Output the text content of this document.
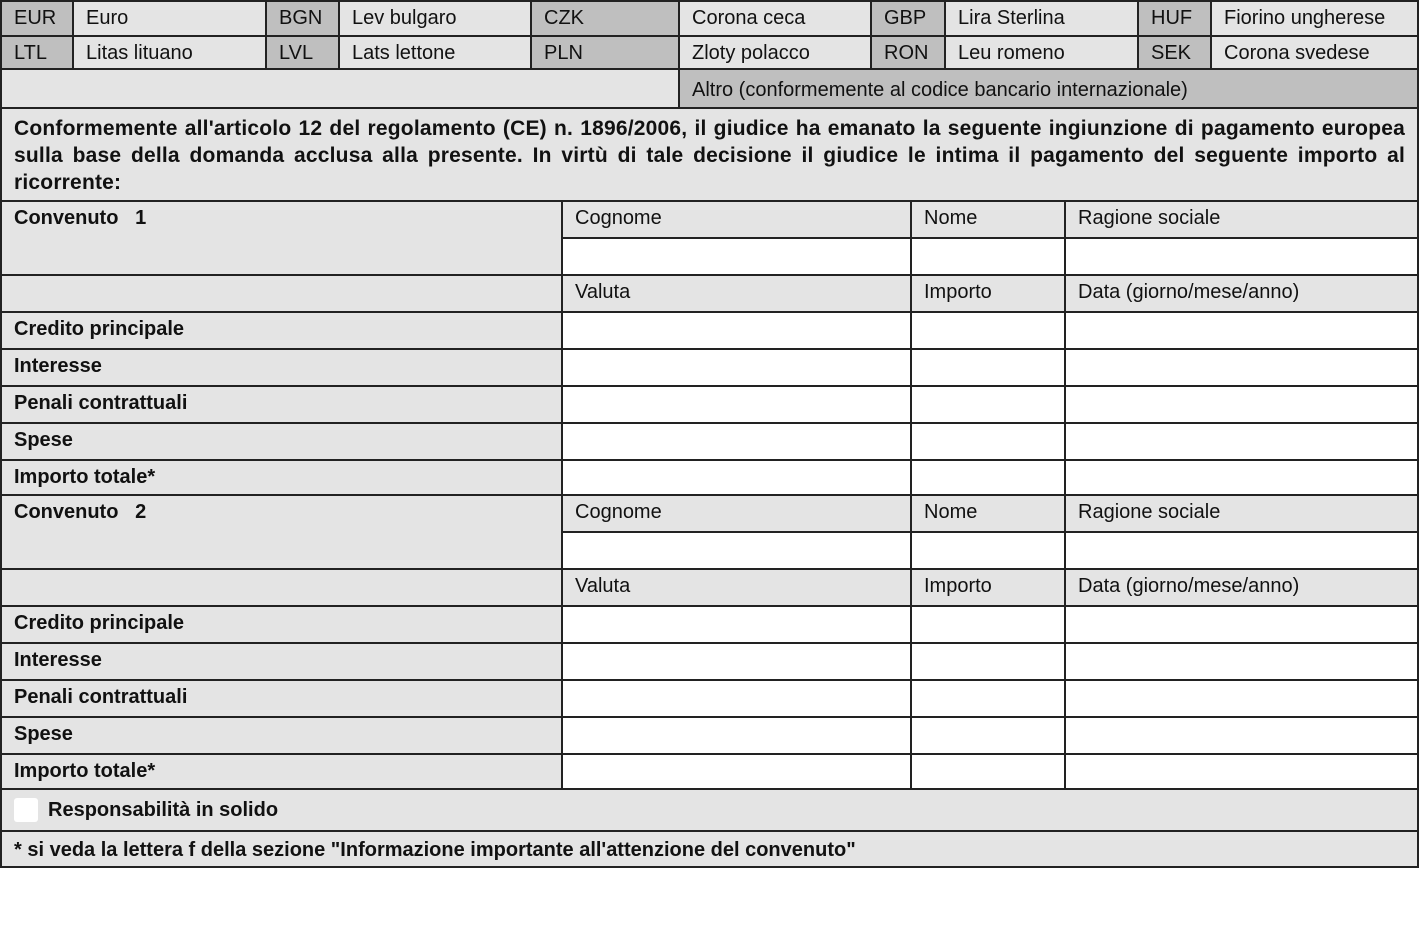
EUR	Euro	BGN	Lev bulgaro	CZK	Corona ceca	GBP	Lira Sterlina	HUF	Fiorino ungherese
LTL	Litas lituano	LVL	Lats lettone	PLN	Zloty polacco	RON	Leu romeno	SEK	Corona svedese
Altro (conformemente al codice bancario internazionale)
Conformemente all'articolo 12 del regolamento (CE) n. 1896/2006, il giudice ha emanato la seguente ingiunzione di pagamento europea sulla base della domanda acclusa alla presente. In virtù di tale decisione il giudice le intima il pagamento del seguente importo al ricorrente:
Convenuto 1	Cognome	Nome	Ragione sociale
Valuta	Importo	Data (giorno/mese/anno)
Credito principale
Interesse
Penali contrattuali
Spese
Importo totale*
Convenuto 2	Cognome	Nome	Ragione sociale
Valuta	Importo	Data (giorno/mese/anno)
Credito principale
Interesse
Penali contrattuali
Spese
Importo totale*
Responsabilità in solido
* si veda la lettera f della sezione "Informazione importante all'attenzione del convenuto"
